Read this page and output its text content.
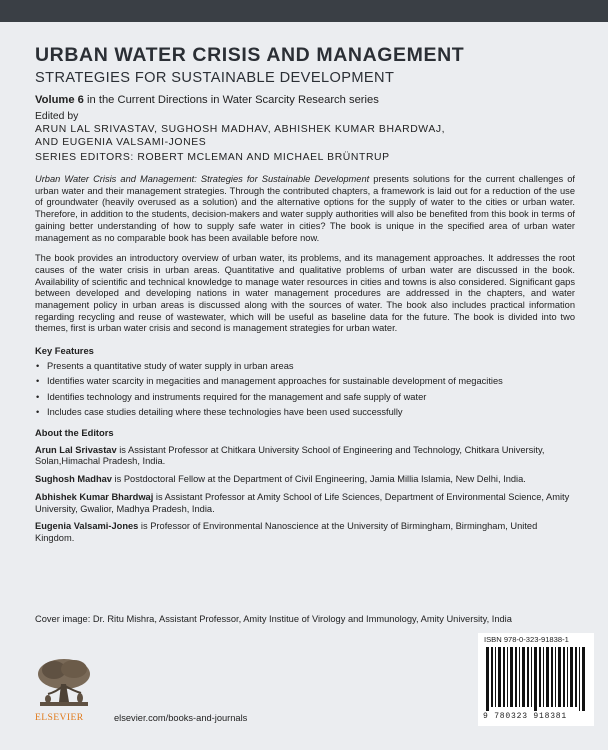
URBAN WATER CRISIS AND MANAGEMENT
STRATEGIES FOR SUSTAINABLE DEVELOPMENT
Volume 6 in the Current Directions in Water Scarcity Research series
Edited by
ARUN LAL SRIVASTAV, SUGHOSH MADHAV, ABHISHEK KUMAR BHARDWAJ,
AND EUGENIA VALSAMI-JONES
SERIES EDITORS: ROBERT MCLEMAN AND MICHAEL BRÜNTRUP
Urban Water Crisis and Management: Strategies for Sustainable Development presents solutions for the current challenges of urban water and their management strategies. Through the contributed chapters, a framework is laid out for a reduction of the use of groundwater (heavily overused as a solution) and the alternative options for the supply of water to the cities or urban water. Therefore, in addition to the students, decision-makers and water supply authorities will also be benefited from this book in terms of gaining better understanding of how to supply safe water in cities? The book is unique in the specified area of urban water management as no comparable book has been available before now.
The book provides an introductory overview of urban water, its problems, and its management approaches. It addresses the root causes of the water crisis in urban areas. Quantitative and qualitative problems of urban water are discussed in the book. Availability of scientific and technical knowledge to manage water resources in cities and towns is also considered. Significant gaps between developed and developing nations in water management procedures are addressed in the chapters, and water management policy in urban areas is discussed along with the sources of water. The book also includes practical information regarding recycling and reuse of wastewater, which will be useful as baseline data for the future. The book is divided into two themes, first is urban water crisis and second is management strategies for urban water.
Key Features
• Presents a quantitative study of water supply in urban areas
• Identifies water scarcity in megacities and management approaches for sustainable development of megacities
• Identifies technology and instruments required for the management and safe supply of water
• Includes case studies detailing where these technologies have been used successfully
About the Editors
Arun Lal Srivastav is Assistant Professor at Chitkara University School of Engineering and Technology, Chitkara University, Solan,Himachal Pradesh, India.
Sughosh Madhav is Postdoctoral Fellow at the Department of Civil Engineering, Jamia Millia Islamia, New Delhi, India.
Abhishek Kumar Bhardwaj is Assistant Professor at Amity School of Life Sciences, Department of Environmental Science, Amity University, Gwalior, Madhya Pradesh, India.
Eugenia Valsami-Jones is Professor of Environmental Nanoscience at the University of Birmingham, Birmingham, United Kingdom.
Cover image: Dr. Ritu Mishra, Assistant Professor, Amity Institue of Virology and Immunology, Amity University, India
ISBN 978-0-323-91838-1
9 780323 918381
ELSEVIER	elsevier.com/books-and-journals
